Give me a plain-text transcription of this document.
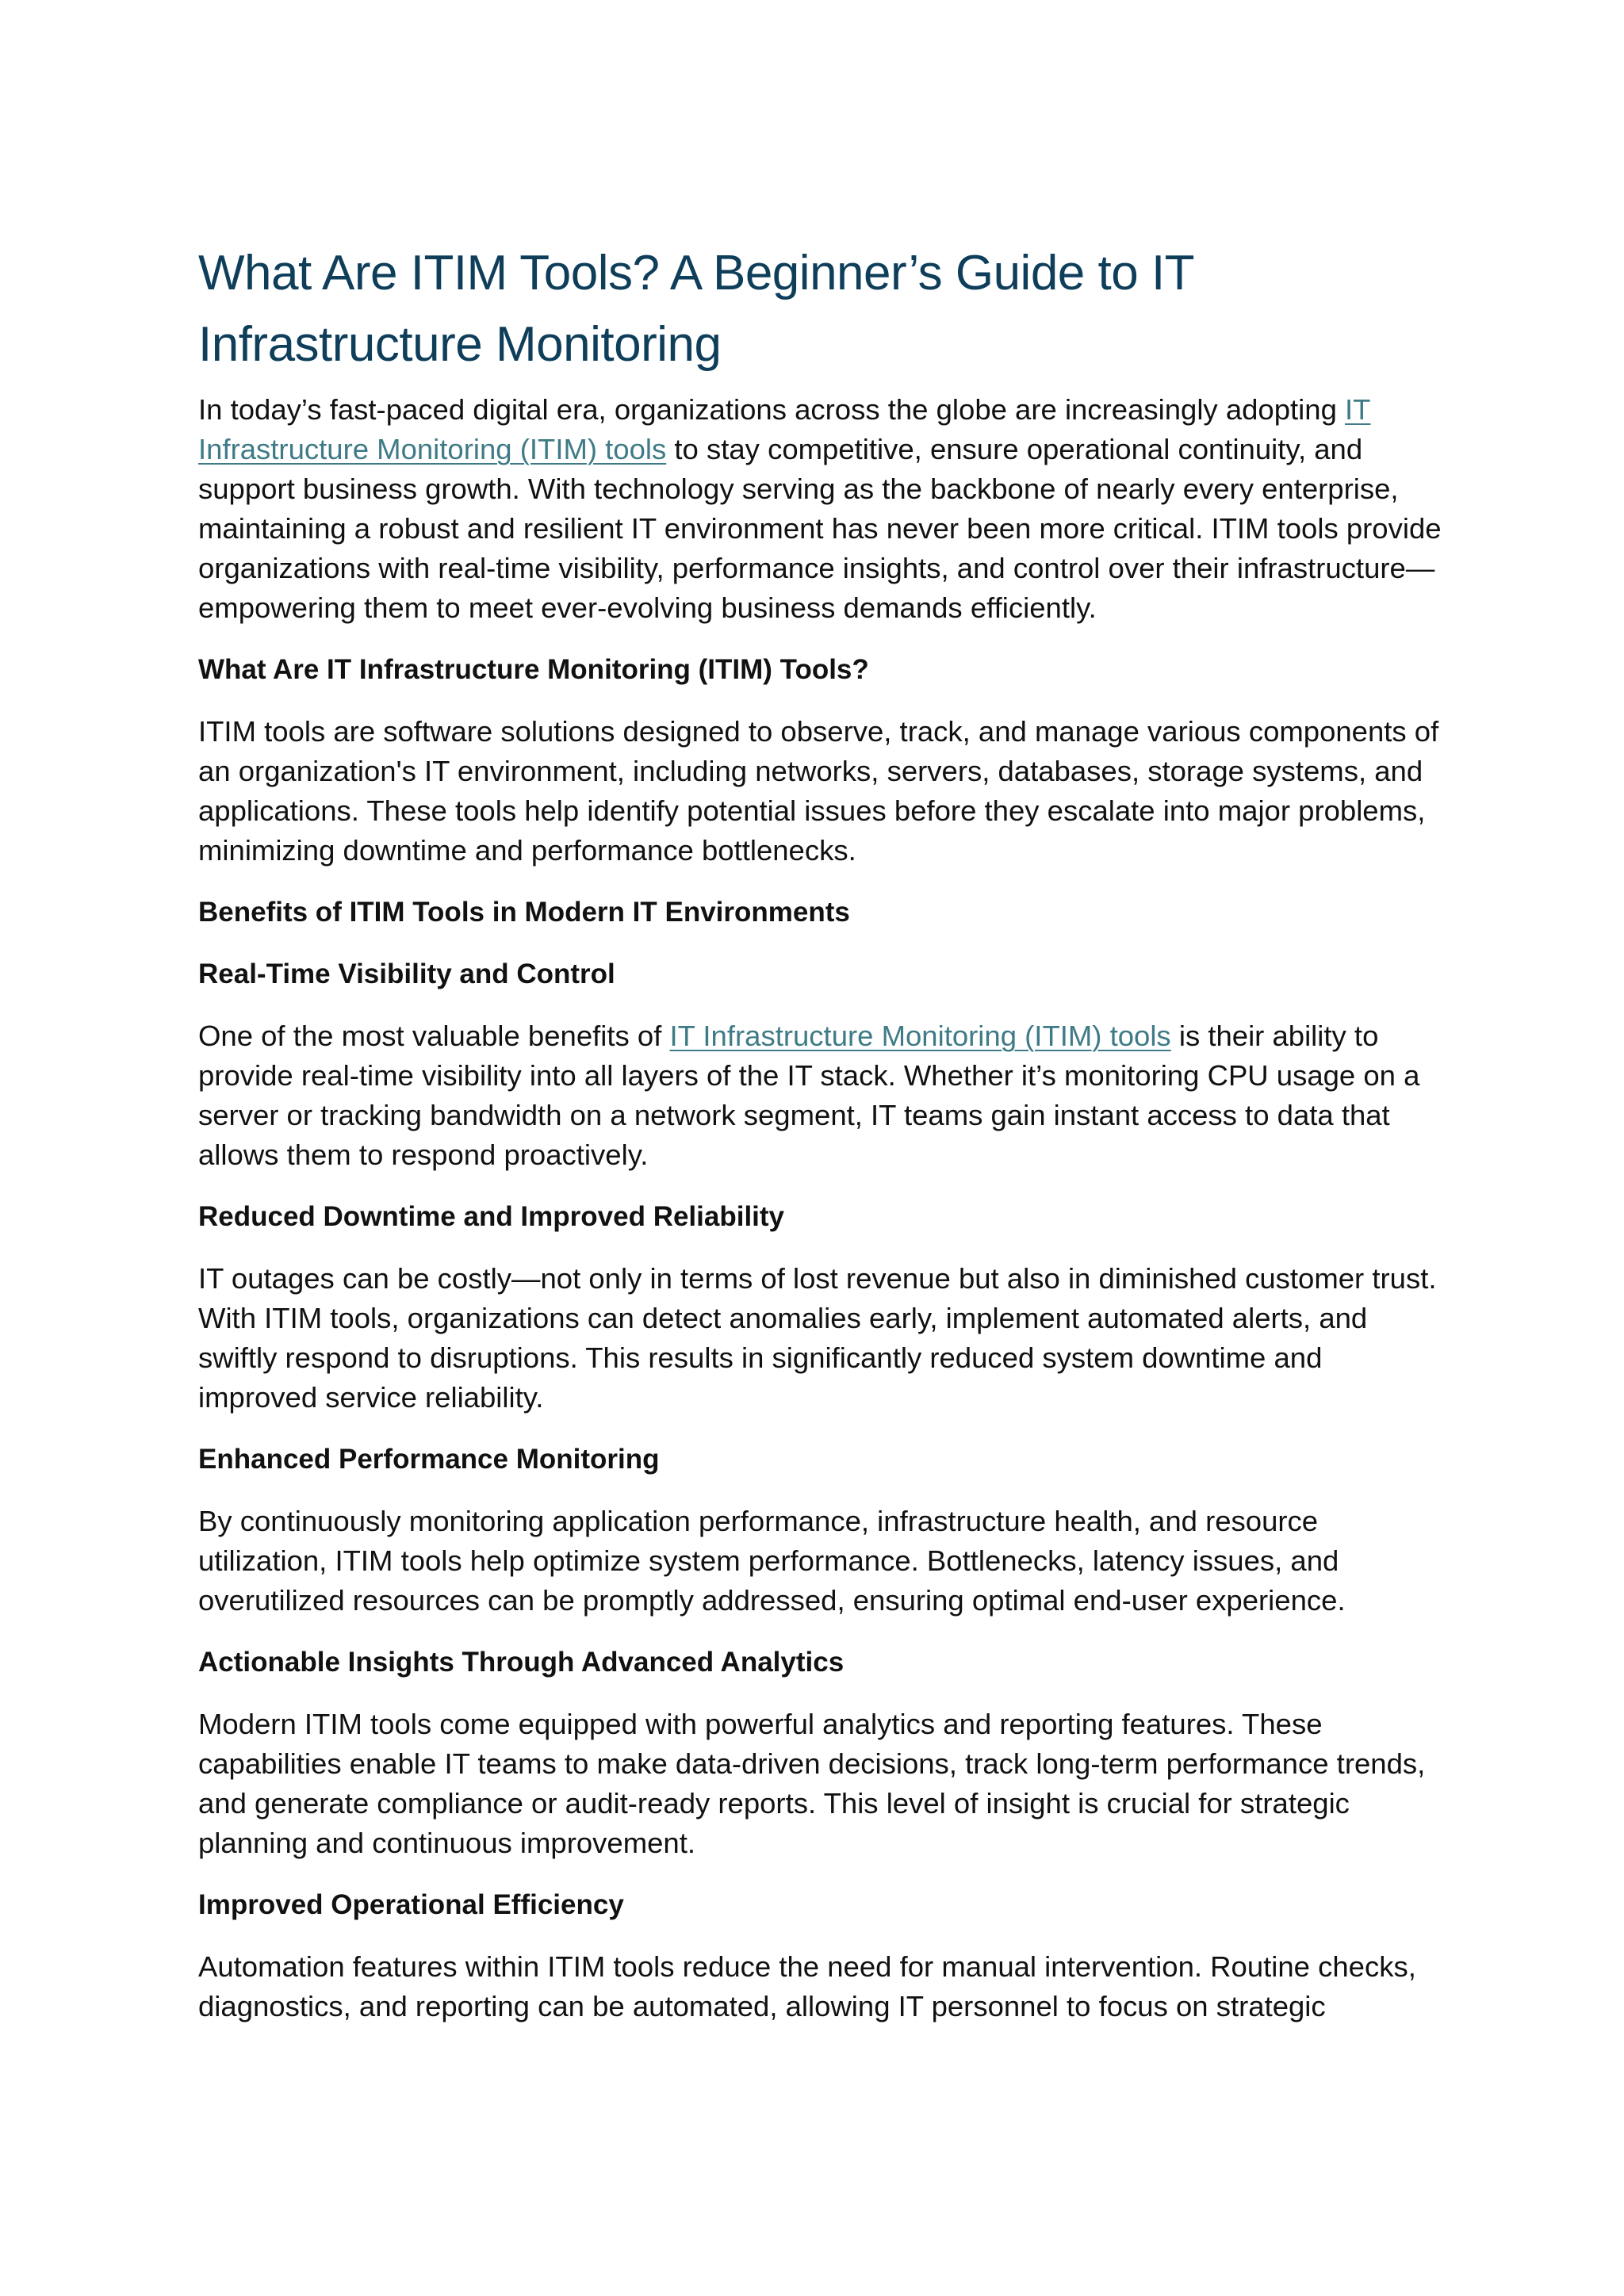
What Are ITIM Tools? A Beginner’s Guide to IT Infrastructure Monitoring

In today’s fast-paced digital era, organizations across the globe are increasingly adopting IT Infrastructure Monitoring (ITIM) tools to stay competitive, ensure operational continuity, and support business growth. With technology serving as the backbone of nearly every enterprise, maintaining a robust and resilient IT environment has never been more critical. ITIM tools provide organizations with real-time visibility, performance insights, and control over their infrastructure—empowering them to meet ever-evolving business demands efficiently.

What Are IT Infrastructure Monitoring (ITIM) Tools?

ITIM tools are software solutions designed to observe, track, and manage various components of an organization's IT environment, including networks, servers, databases, storage systems, and applications. These tools help identify potential issues before they escalate into major problems, minimizing downtime and performance bottlenecks.

Benefits of ITIM Tools in Modern IT Environments

Real-Time Visibility and Control

One of the most valuable benefits of IT Infrastructure Monitoring (ITIM) tools is their ability to provide real-time visibility into all layers of the IT stack. Whether it’s monitoring CPU usage on a server or tracking bandwidth on a network segment, IT teams gain instant access to data that allows them to respond proactively.

Reduced Downtime and Improved Reliability

IT outages can be costly—not only in terms of lost revenue but also in diminished customer trust. With ITIM tools, organizations can detect anomalies early, implement automated alerts, and swiftly respond to disruptions. This results in significantly reduced system downtime and improved service reliability.

Enhanced Performance Monitoring

By continuously monitoring application performance, infrastructure health, and resource utilization, ITIM tools help optimize system performance. Bottlenecks, latency issues, and overutilized resources can be promptly addressed, ensuring optimal end-user experience.

Actionable Insights Through Advanced Analytics

Modern ITIM tools come equipped with powerful analytics and reporting features. These capabilities enable IT teams to make data-driven decisions, track long-term performance trends, and generate compliance or audit-ready reports. This level of insight is crucial for strategic planning and continuous improvement.

Improved Operational Efficiency

Automation features within ITIM tools reduce the need for manual intervention. Routine checks, diagnostics, and reporting can be automated, allowing IT personnel to focus on strategic
